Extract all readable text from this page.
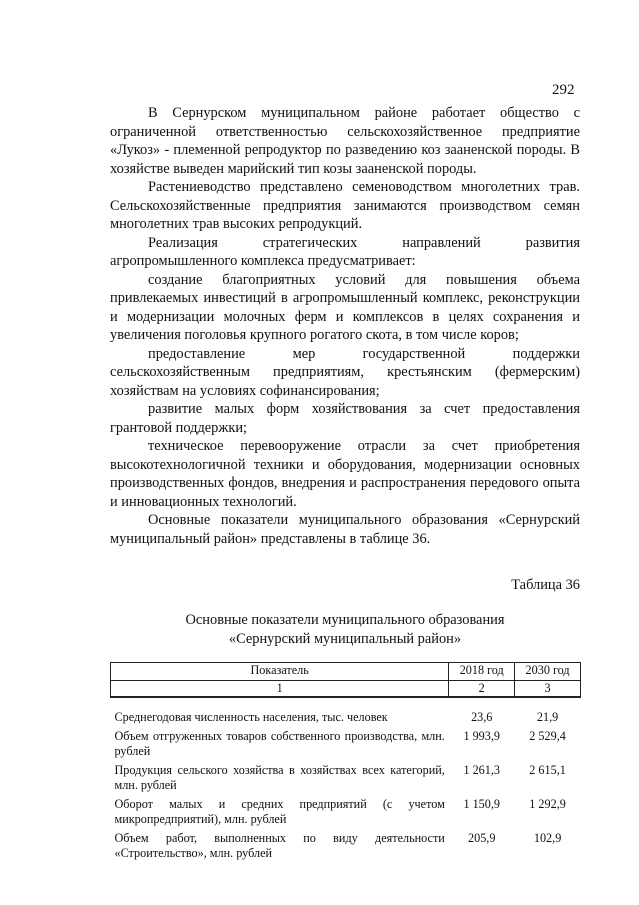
292

В Сернурском муниципальном районе работает общество с ограниченной ответственностью сельскохозяйственное предприятие «Лукоз» - племенной репродуктор по разведению коз зааненской породы. В хозяйстве выведен марийский тип козы зааненской породы.

Растениеводство представлено семеноводством многолетних трав. Сельскохозяйственные предприятия занимаются производством семян многолетних трав высоких репродукций.

Реализация стратегических направлений развития агропромышленного комплекса предусматривает:

создание благоприятных условий для повышения объема привлекаемых инвестиций в агропромышленный комплекс, реконструкции и модернизации молочных ферм и комплексов в целях сохранения и увеличения поголовья крупного рогатого скота, в том числе коров;

предоставление мер государственной поддержки сельскохозяйственным предприятиям, крестьянским (фермерским) хозяйствам на условиях софинансирования;

развитие малых форм хозяйствования за счет предоставления грантовой поддержки;

техническое перевооружение отрасли за счет приобретения высокотехнологичной техники и оборудования, модернизации основных производственных фондов, внедрения и распространения передового опыта и инновационных технологий.

Основные показатели муниципального образования «Сернурский муниципальный район» представлены в таблице 36.

Таблица 36
Основные показатели муниципального образования
«Сернурский муниципальный район»
Показатель	2018 год	2030 год
1	2	3
Среднегодовая численность населения, тыс. человек	23,6	21,9
Объем отгруженных товаров собственного производства, млн. рублей	1 993,9	2 529,4
Продукция сельского хозяйства в хозяйствах всех категорий, млн. рублей	1 261,3	2 615,1
Оборот малых и средних предприятий (с учетом микропредприятий), млн. рублей	1 150,9	1 292,9
Объем работ, выполненных по виду деятельности «Строительство», млн. рублей	205,9	102,9
